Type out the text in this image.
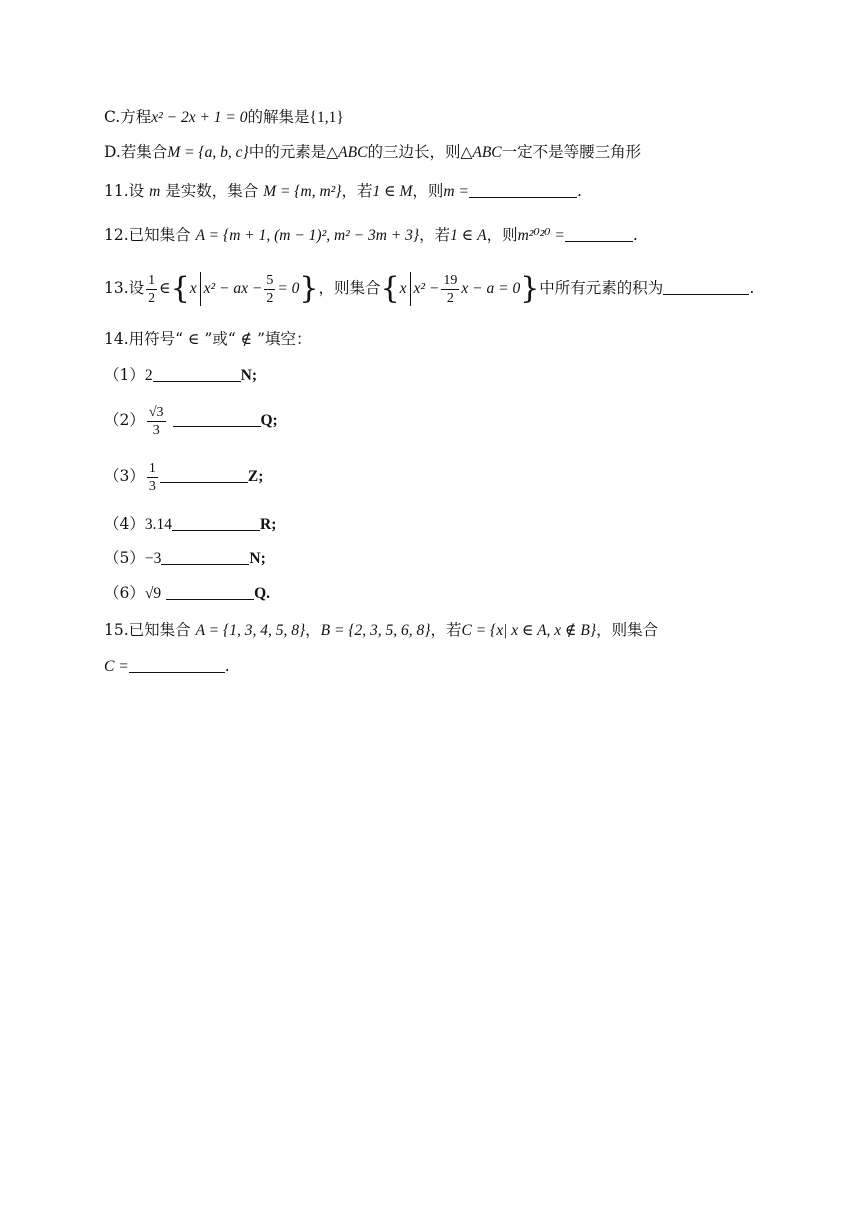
C.方程x² − 2x + 1 = 0的解集是{1,1}
D.若集合M = {a, b, c}中的元素是△ABC的三边长，则△ABC一定不是等腰三角形
11.设 m 是实数，集合 M = {m, m²}，若1 ∈ M，则m =	.
12.已知集合 A = {m + 1, (m − 1)², m² − 3m + 3}，若1 ∈ A，则m²⁰²⁰ =	.
13.设 $\frac{1}{2}$ ∈{x x² − ax − $\frac{5}{2} = 0$}，则集合{x $x^2 - \frac{19}{2}$ x − a = 0}中所有元素的积为	.
14.用符号“ ∈ ”或“ ∉ ”填空：
（1）2	N;
$(2) \frac{√3}{3}$	Q;
$(3) \frac{1}{3}$	Z;
（4）3.14	R;
（5）−3	N;
（6）√9	Q.
15.已知集合 A = {1, 3, 4, 5, 8}，B = {2, 3, 5, 6, 8}，若C = {x| x ∈ A, x ∉ B}，则集合
C =	.
